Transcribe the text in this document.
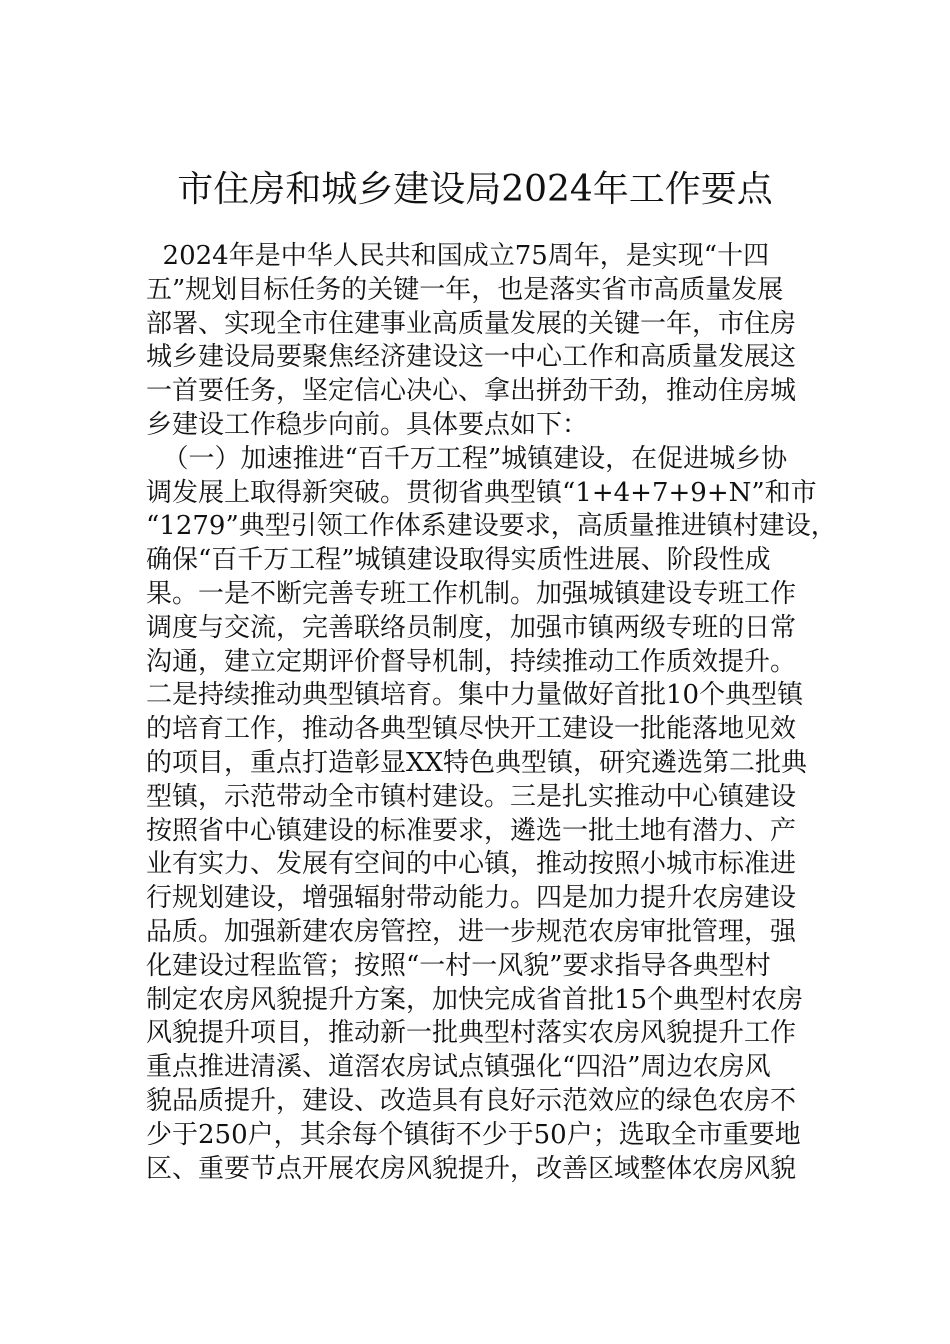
市住房和城乡建设局2024年工作要点
2024年是中华人民共和国成立75周年，是实现“十四
五”规划目标任务的关键一年，也是落实省市高质量发展
部署、实现全市住建事业高质量发展的关键一年，市住房
城乡建设局要聚焦经济建设这一中心工作和高质量发展这
一首要任务，坚定信心决心、拿出拼劲干劲，推动住房城
乡建设工作稳步向前。具体要点如下：
（一）加速推进“百千万工程”城镇建设，在促进城乡协
调发展上取得新突破。贯彻省典型镇“1+4+7+9+N”和市
“1279”典型引领工作体系建设要求，高质量推进镇村建设，
确保“百千万工程”城镇建设取得实质性进展、阶段性成
果。一是不断完善专班工作机制。加强城镇建设专班工作
调度与交流，完善联络员制度，加强市镇两级专班的日常
沟通，建立定期评价督导机制，持续推动工作质效提升。
二是持续推动典型镇培育。集中力量做好首批10个典型镇
的培育工作，推动各典型镇尽快开工建设一批能落地见效
的项目，重点打造彰显XX特色典型镇，研究遴选第二批典
型镇，示范带动全市镇村建设。三是扎实推动中心镇建设
按照省中心镇建设的标准要求，遴选一批土地有潜力、产
业有实力、发展有空间的中心镇，推动按照小城市标准进
行规划建设，增强辐射带动能力。四是加力提升农房建设
品质。加强新建农房管控，进一步规范农房审批管理，强
化建设过程监管；按照“一村一风貌”要求指导各典型村
制定农房风貌提升方案，加快完成省首批15个典型村农房
风貌提升项目，推动新一批典型村落实农房风貌提升工作
重点推进清溪、道滘农房试点镇强化“四沿”周边农房风
貌品质提升，建设、改造具有良好示范效应的绿色农房不
少于250户，其余每个镇街不少于50户；选取全市重要地
区、重要节点开展农房风貌提升，改善区域整体农房风貌
